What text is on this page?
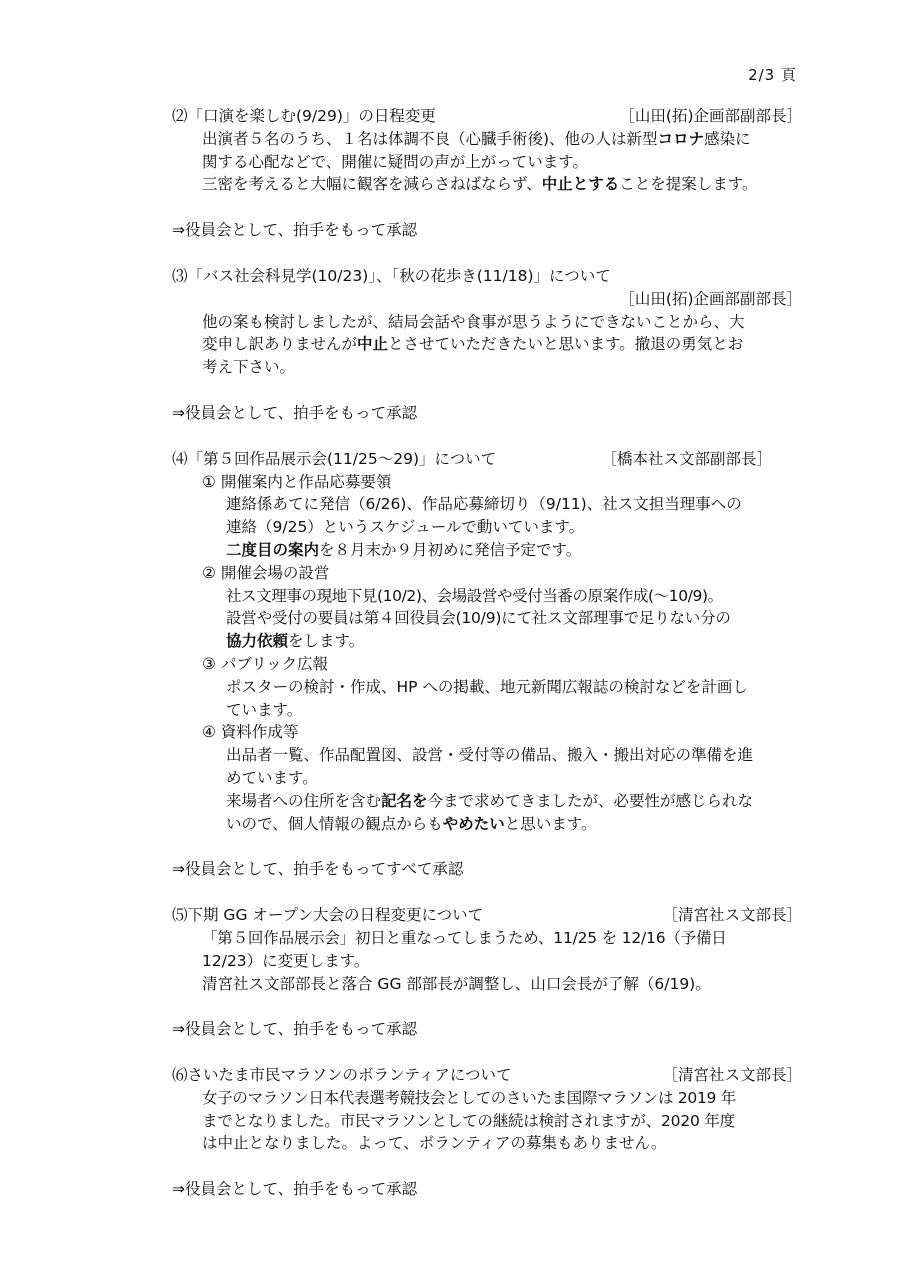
2/3 頁
⑵「口演を楽しむ(9/29)」の日程変更	［山田(拓)企画部副部長］
出演者５名のうち、１名は体調不良（心臓手術後)、他の人は新型コロナ感染に
関する心配などで、開催に疑問の声が上がっています。
三密を考えると大幅に観客を減らさねばならず、中止とすることを提案します。
⇒役員会として、拍手をもって承認
⑶「バス社会科見学(10/23)」、「秋の花歩き(11/18)」について
［山田(拓)企画部副部長］
他の案も検討しましたが、結局会話や食事が思うようにできないことから、大
変申し訳ありませんが中止とさせていただきたいと思います。撤退の勇気とお
考え下さい。
⇒役員会として、拍手をもって承認
⑷「第５回作品展示会(11/25～29)」について	［橋本社ス文部副部長］
① 開催案内と作品応募要領
連絡係あてに発信（6/26)、作品応募締切り（9/11)、社ス文担当理事への
連絡（9/25）というスケジュールで動いています。
二度目の案内を８月末か９月初めに発信予定です。
② 開催会場の設営
社ス文理事の現地下見(10/2)、会場設営や受付当番の原案作成(～10/9)。
設営や受付の要員は第４回役員会(10/9)にて社ス文部理事で足りない分の
協力依頼をします。
③ パブリック広報
ポスターの検討・作成、HP への掲載、地元新聞広報誌の検討などを計画し
ています。
④ 資料作成等
出品者一覧、作品配置図、設営・受付等の備品、搬入・搬出対応の準備を進
めています。
来場者への住所を含む記名を今まで求めてきましたが、必要性が感じられな
いので、個人情報の観点からもやめたいと思います。
⇒役員会として、拍手をもってすべて承認
⑸下期 GG オープン大会の日程変更について	［清宮社ス文部長］
「第５回作品展示会」初日と重なってしまうため、11/25 を 12/16（予備日
12/23）に変更します。
清宮社ス文部部長と落合 GG 部部長が調整し、山口会長が了解（6/19)。
⇒役員会として、拍手をもって承認
⑹さいたま市民マラソンのボランティアについて	［清宮社ス文部長］
女子のマラソン日本代表選考競技会としてのさいたま国際マラソンは 2019 年
までとなりました。市民マラソンとしての継続は検討されますが、2020 年度
は中止となりました。よって、ボランティアの募集もありません。
⇒役員会として、拍手をもって承認
